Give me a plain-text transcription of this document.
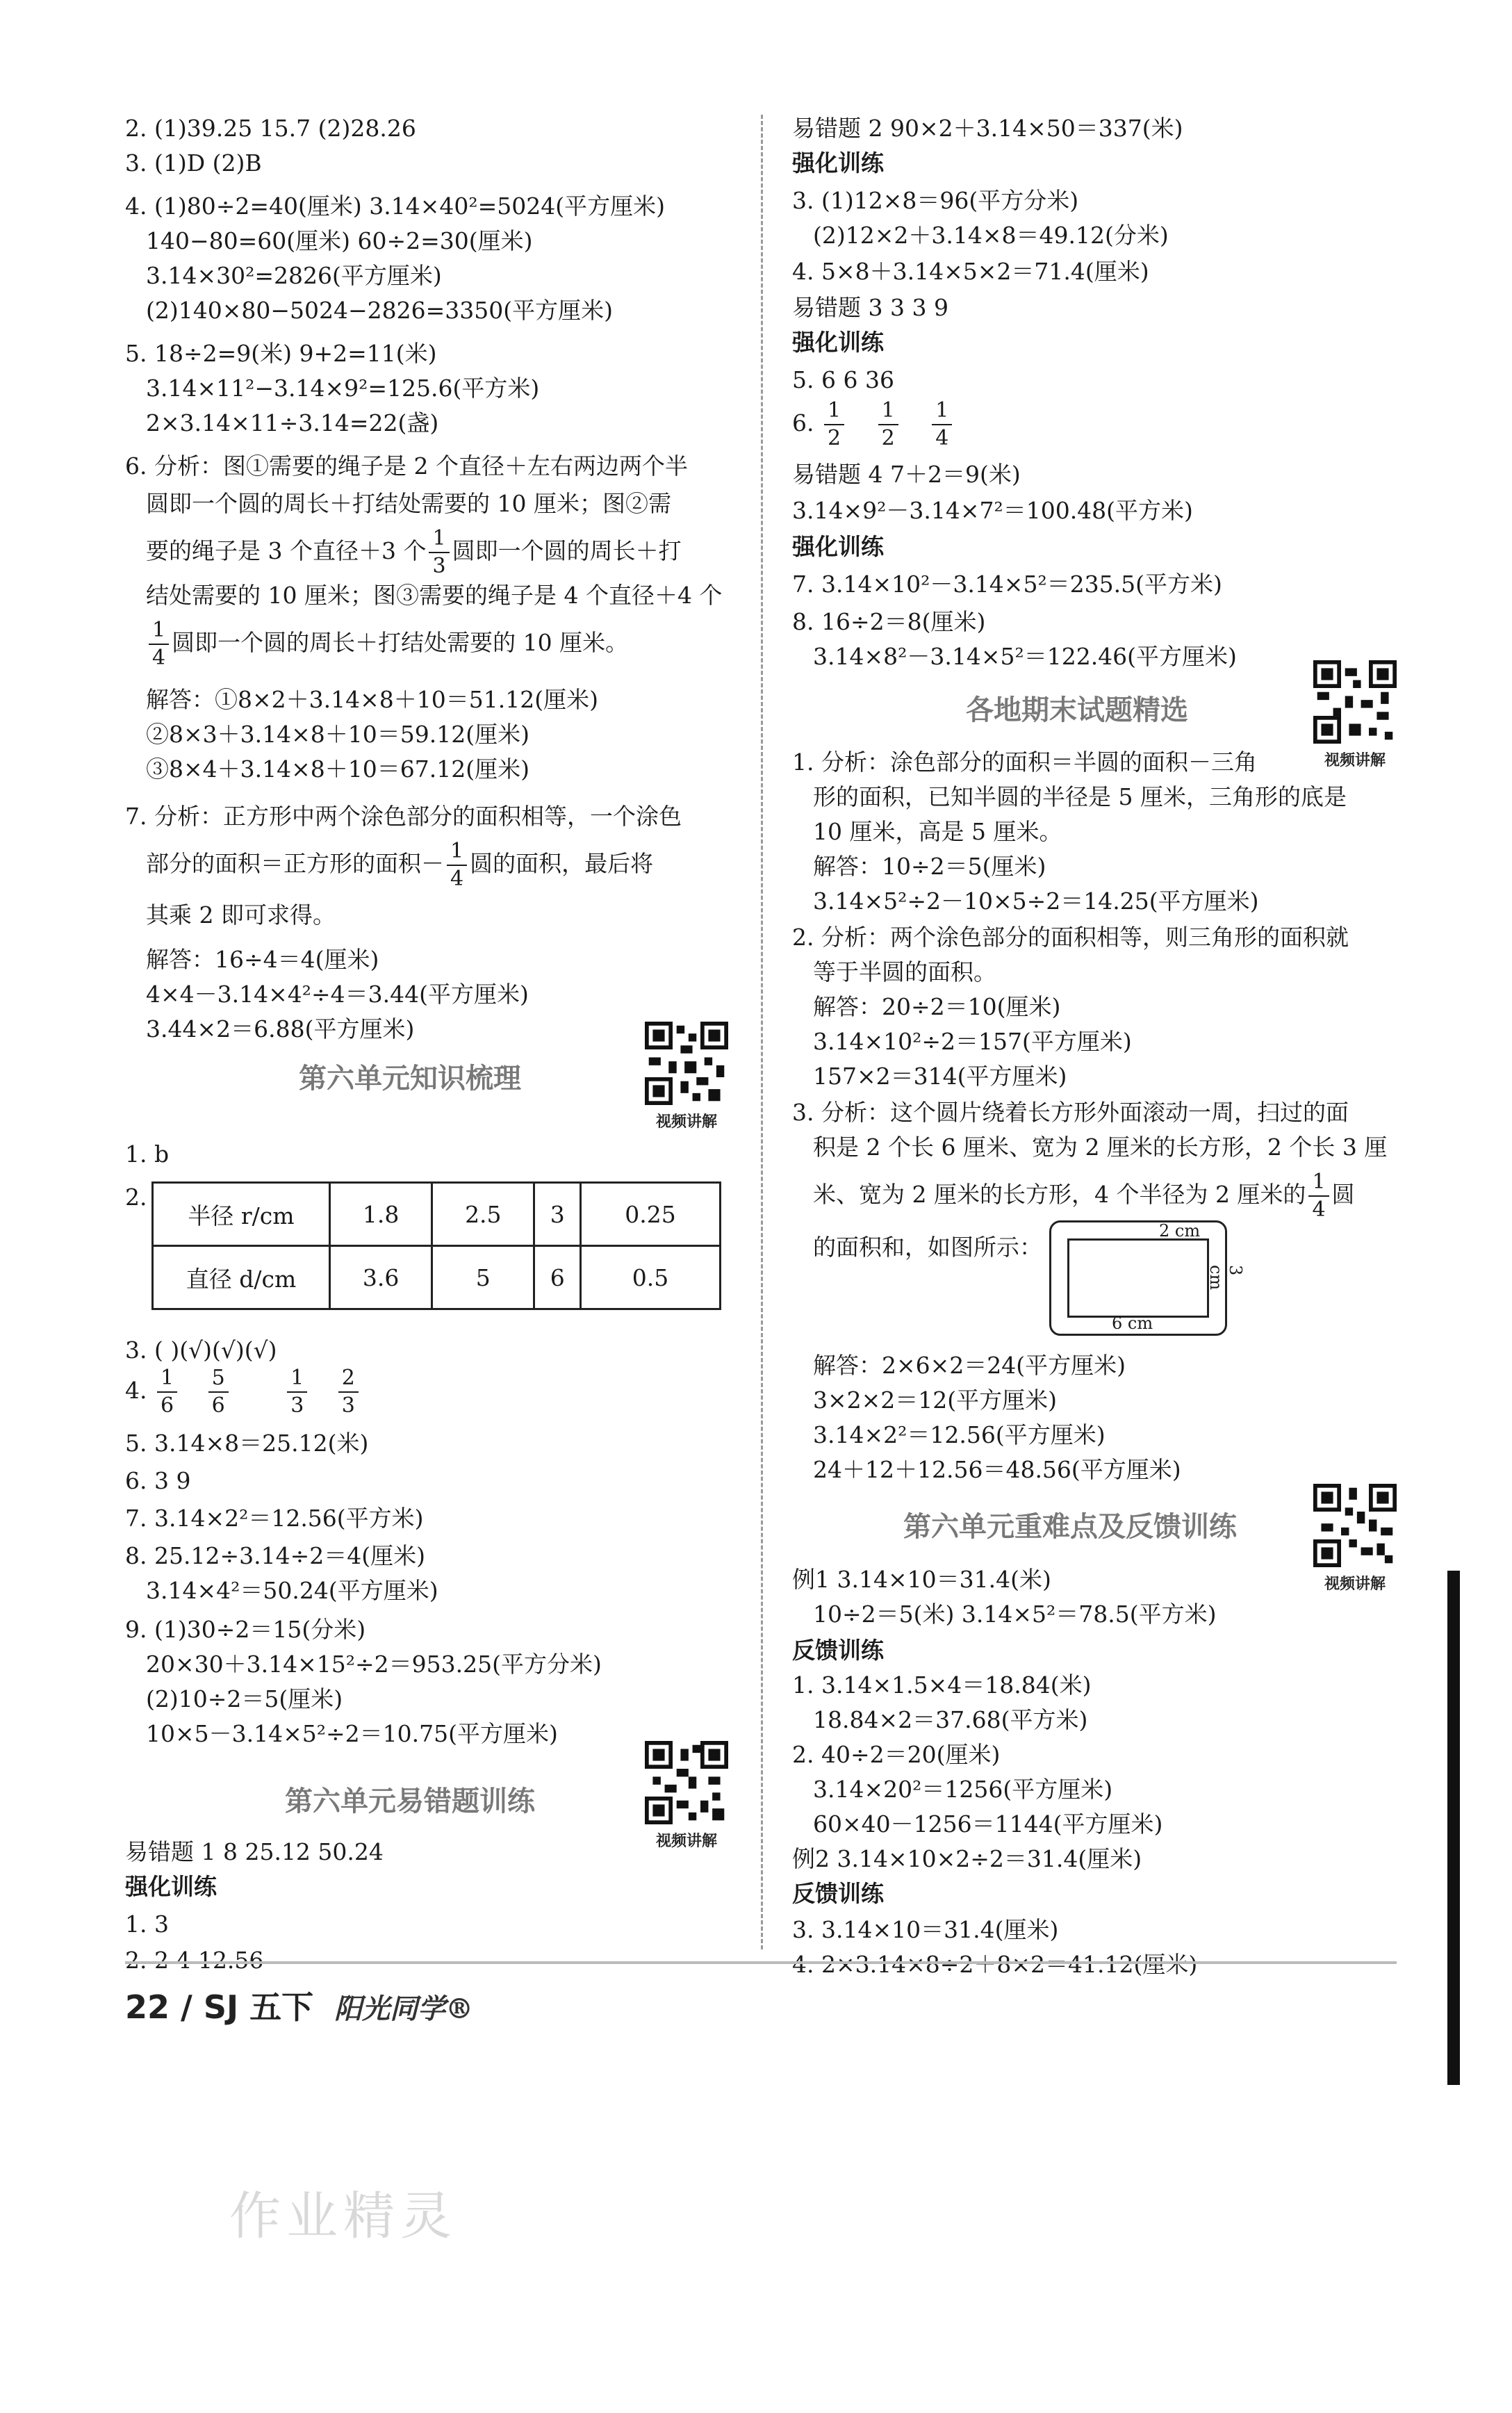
2. (1)39.25 15.7 (2)28.26
3. (1)D (2)B
4. (1)80÷2=40(厘米) 3.14×40²=5024(平方厘米)
140−80=60(厘米) 60÷2=30(厘米)
3.14×30²=2826(平方厘米)
(2)140×80−5024−2826=3350(平方厘米)
5. 18÷2=9(米) 9+2=11(米)
3.14×11²−3.14×9²=125.6(平方米)
2×3.14×11÷3.14=22(盏)
6. 分析：图①需要的绳子是 2 个直径＋左右两边两个半
圆即一个圆的周长＋打结处需要的 10 厘米；图②需
要的绳子是 3 个直径＋3 个 $\frac{1}{3}$ 圆即一个圆的周长＋打
结处需要的 10 厘米；图③需要的绳子是 4 个直径＋4 个
$\frac{1}{4}$ 圆即一个圆的周长＋打结处需要的 10 厘米。
解答：①8×2＋3.14×8＋10＝51.12(厘米)
②8×3＋3.14×8＋10＝59.12(厘米)
③8×4＋3.14×8＋10＝67.12(厘米)
7. 分析：正方形中两个涂色部分的面积相等，一个涂色
部分的面积＝正方形的面积－ $\frac{1}{4}$ 圆的面积，最后将
其乘 2 即可求得。
解答：16÷4＝4(厘米)
4×4－3.14×4²÷4＝3.44(平方厘米)
3.44×2＝6.88(平方厘米)
第六单元知识梳理
视频讲解
1. b
2.
半径 r/cm	1.8	2.5	3	0.25
直径 d/cm	3.6	5	6	0.5
3. ( )(√)(√)(√)
4. $\frac{1}{6}$
$\frac{5}{6}$
	$\frac{1}{3}$
$\frac{2}{3}$
5. 3.14×8＝25.12(米)
6. 3 9
7. 3.14×2²＝12.56(平方米)
8. 25.12÷3.14÷2＝4(厘米)
3.14×4²＝50.24(平方厘米)
9. (1)30÷2＝15(分米)
20×30＋3.14×15²÷2＝953.25(平方分米)
(2)10÷2＝5(厘米)
10×5－3.14×5²÷2＝10.75(平方厘米)
第六单元易错题训练
视频讲解
易错题 1 8 25.12 50.24
强化训练
1. 3
2. 2 4 12.56
易错题 2 90×2＋3.14×50＝337(米)
强化训练
3. (1)12×8＝96(平方分米)
(2)12×2＋3.14×8＝49.12(分米)
4. 5×8＋3.14×5×2＝71.4(厘米)
易错题 3 3 3 9
强化训练
5. 6 6 36
6. $\frac{1}{2}$
$\frac{1}{2}$
$\frac{1}{4}$
易错题 4 7＋2＝9(米)
3.14×9²－3.14×7²＝100.48(平方米)
强化训练
7. 3.14×10²－3.14×5²＝235.5(平方米)
8. 16÷2＝8(厘米)
3.14×8²－3.14×5²＝122.46(平方厘米)
各地期末试题精选
视频讲解
1. 分析：涂色部分的面积＝半圆的面积－三角
形的面积，已知半圆的半径是 5 厘米，三角形的底是
10 厘米，高是 5 厘米。
解答：10÷2＝5(厘米)
3.14×5²÷2－10×5÷2＝14.25(平方厘米)
2. 分析：两个涂色部分的面积相等，则三角形的面积就
等于半圆的面积。
解答：20÷2＝10(厘米)
3.14×10²÷2＝157(平方厘米)
157×2＝314(平方厘米)
3. 分析：这个圆片绕着长方形外面滚动一周，扫过的面
积是 2 个长 6 厘米、宽为 2 厘米的长方形，2 个长 3 厘
米、宽为 2 厘米的长方形，4 个半径为 2 厘米的 $\frac{1}{4}$ 圆
的面积和，如图所示：
2 cm
3 cm
6 cm
解答：2×6×2＝24(平方厘米)
3×2×2＝12(平方厘米)
3.14×2²＝12.56(平方厘米)
24＋12＋12.56＝48.56(平方厘米)
第六单元重难点及反馈训练
视频讲解
例1 3.14×10＝31.4(米)
10÷2＝5(米) 3.14×5²＝78.5(平方米)
反馈训练
1. 3.14×1.5×4＝18.84(米)
18.84×2＝37.68(平方米)
2. 40÷2＝20(厘米)
3.14×20²＝1256(平方厘米)
60×40－1256＝1144(平方厘米)
例2 3.14×10×2÷2＝31.4(厘米)
反馈训练
3. 3.14×10＝31.4(厘米)
4. 2×3.14×8÷2＋8×2＝41.12(厘米)
22 / SJ 五下 阳光同学®
作业精灵
